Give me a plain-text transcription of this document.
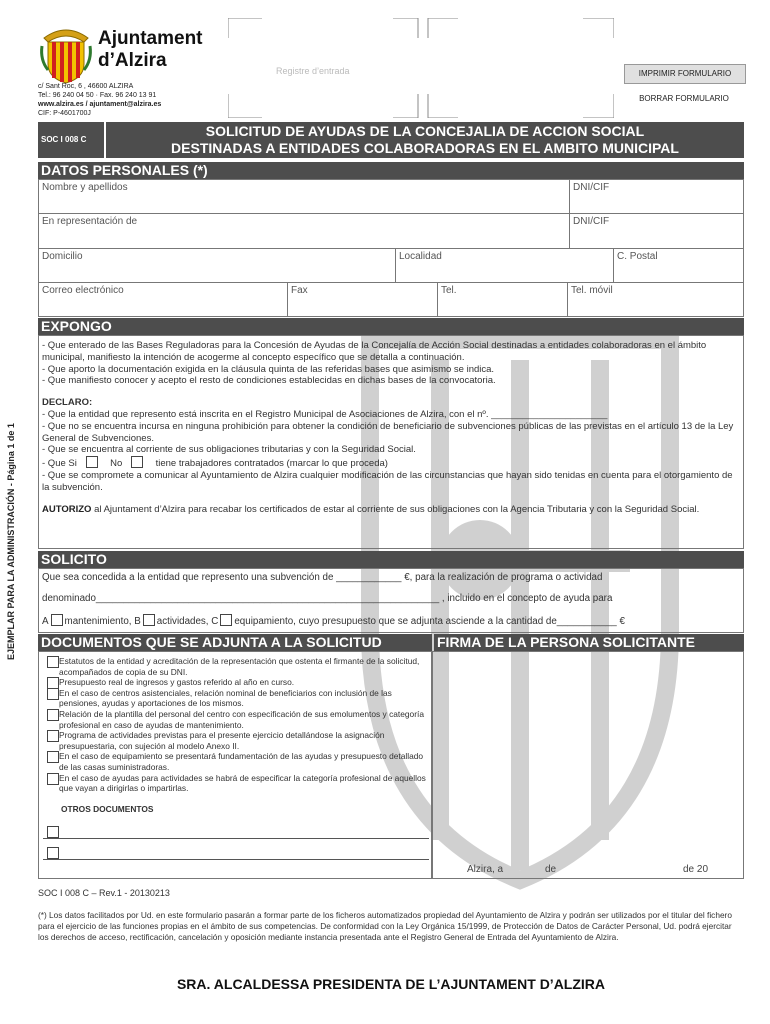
Ajuntament
d’Alzira
c/ Sant Roc, 6 , 46600 ALZIRA
Tel.: 96 240 04 50 · Fax. 96 240 13 91
www.alzira.es / ajuntament@alzira.es
CIF: P-4601700J
Registre d’entrada	IMPRIMIR FORMULARIO
BORRAR FORMULARIO
SOC I 008 C
SOLICITUD DE AYUDAS DE LA CONCEJALIA DE ACCION SOCIAL
DESTINADAS A ENTIDADES COLABORADORAS EN EL AMBITO MUNICIPAL
EJEMPLAR PARA LA ADMINISTRACIÓN - Página 1 de 1
DATOS PERSONALES (*)
Nombre y apellidos	DNI/CIF
En representación de	DNI/CIF
Domicilio	Localidad	C. Postal
Correo electrónico	Fax	Tel.	Tel. móvil
EXPONGO
- Que enterado de las Bases Reguladoras para la Concesión de Ayudas de la Concejalía de Acción Social destinadas a entidades colaboradoras en el ámbito municipal, manifiesto la intención de acogerme al concepto específico que se detalla a continuación.
- Que aporto la documentación exigida en la cláusula quinta de las referidas bases que asimismo se indica.
- Que manifiesto conocer y acepto el resto de condiciones establecidas en dichas bases de la convocatoria.
DECLARO:
- Que la entidad que represento está inscrita en el Registro Municipal de Asociaciones de Alzira, con el nº. ______________________
- Que no se encuentra incursa en ninguna prohibición para obtener la condición de beneficiario de subvenciones públicas de las previstas en el artículo 13 de la Ley General de Subvenciones.
- Que se encuentra al corriente de sus obligaciones tributarias y con la Seguridad Social.
- Que Si	No	tiene trabajadores contratados (marcar lo que proceda)
- Que se compromete a comunicar al Ayuntamiento de Alzira cualquier modificación de las circunstancias que hayan sido tenidas en cuenta para el otorgamiento de la subvención.
AUTORIZO al Ajuntament d’Alzira para recabar los certificados de estar al corriente de sus obligaciones con la Agencia Tributaria y con la Seguridad Social.
SOLICITO
Que sea concedida a la entidad que represento una subvención de ____________ €, para la realización de programa o actividad
denominado_______________________________________________________________ , incluido en el concepto de ayuda para
A mantenimiento, B actividades, C equipamiento, cuyo presupuesto que se adjunta asciende a la cantidad de___________ €
DOCUMENTOS QUE SE ADJUNTA A LA SOLICITUD	FIRMA DE LA PERSONA SOLICITANTE
Estatutos de la entidad y acreditación de la representación que ostenta el firmante de la solicitud, acompañados de copia de su DNI.
Presupuesto real de ingresos y gastos referido al año en curso.
En el caso de centros asistenciales, relación nominal de beneficiarios con inclusión de las pensiones, ayudas y aportaciones de los mismos.
Relación de la plantilla del personal del centro con especificación de sus emolumentos y categoría profesional en caso de ayudas de mantenimiento.
Programa de actividades previstas para el presente ejercicio detallándose la asignación presupuestaria, con sujeción al modelo Anexo II.
En el caso de equipamiento se presentará fundamentación de las ayudas y presupuesto detallado de las casas suministradoras.
En el caso de ayudas para actividades se habrá de especificar la categoría profesional de aquellos que vayan a dirigirlas o impartirlas.
OTROS DOCUMENTOS
Alzira, a	de	de 20
SOC I 008 C – Rev.1 - 20130213
(*) Los datos facilitados por Ud. en este formulario pasarán a formar parte de los ficheros automatizados propiedad del Ayuntamiento de Alzira y podrán ser utilizados por el titular del fichero para el ejercicio de las funciones propias en el ámbito de sus competencias. De conformidad con la Ley Orgánica 15/1999, de Protección de Datos de Carácter Personal, Ud. podrá ejercitar los derechos de acceso, rectificación, cancelación y oposición mediante instancia presentada ante el Registro General de Entrada del Ayuntamiento de Alzira.
SRA. ALCALDESSA PRESIDENTA DE L’AJUNTAMENT D’ALZIRA
